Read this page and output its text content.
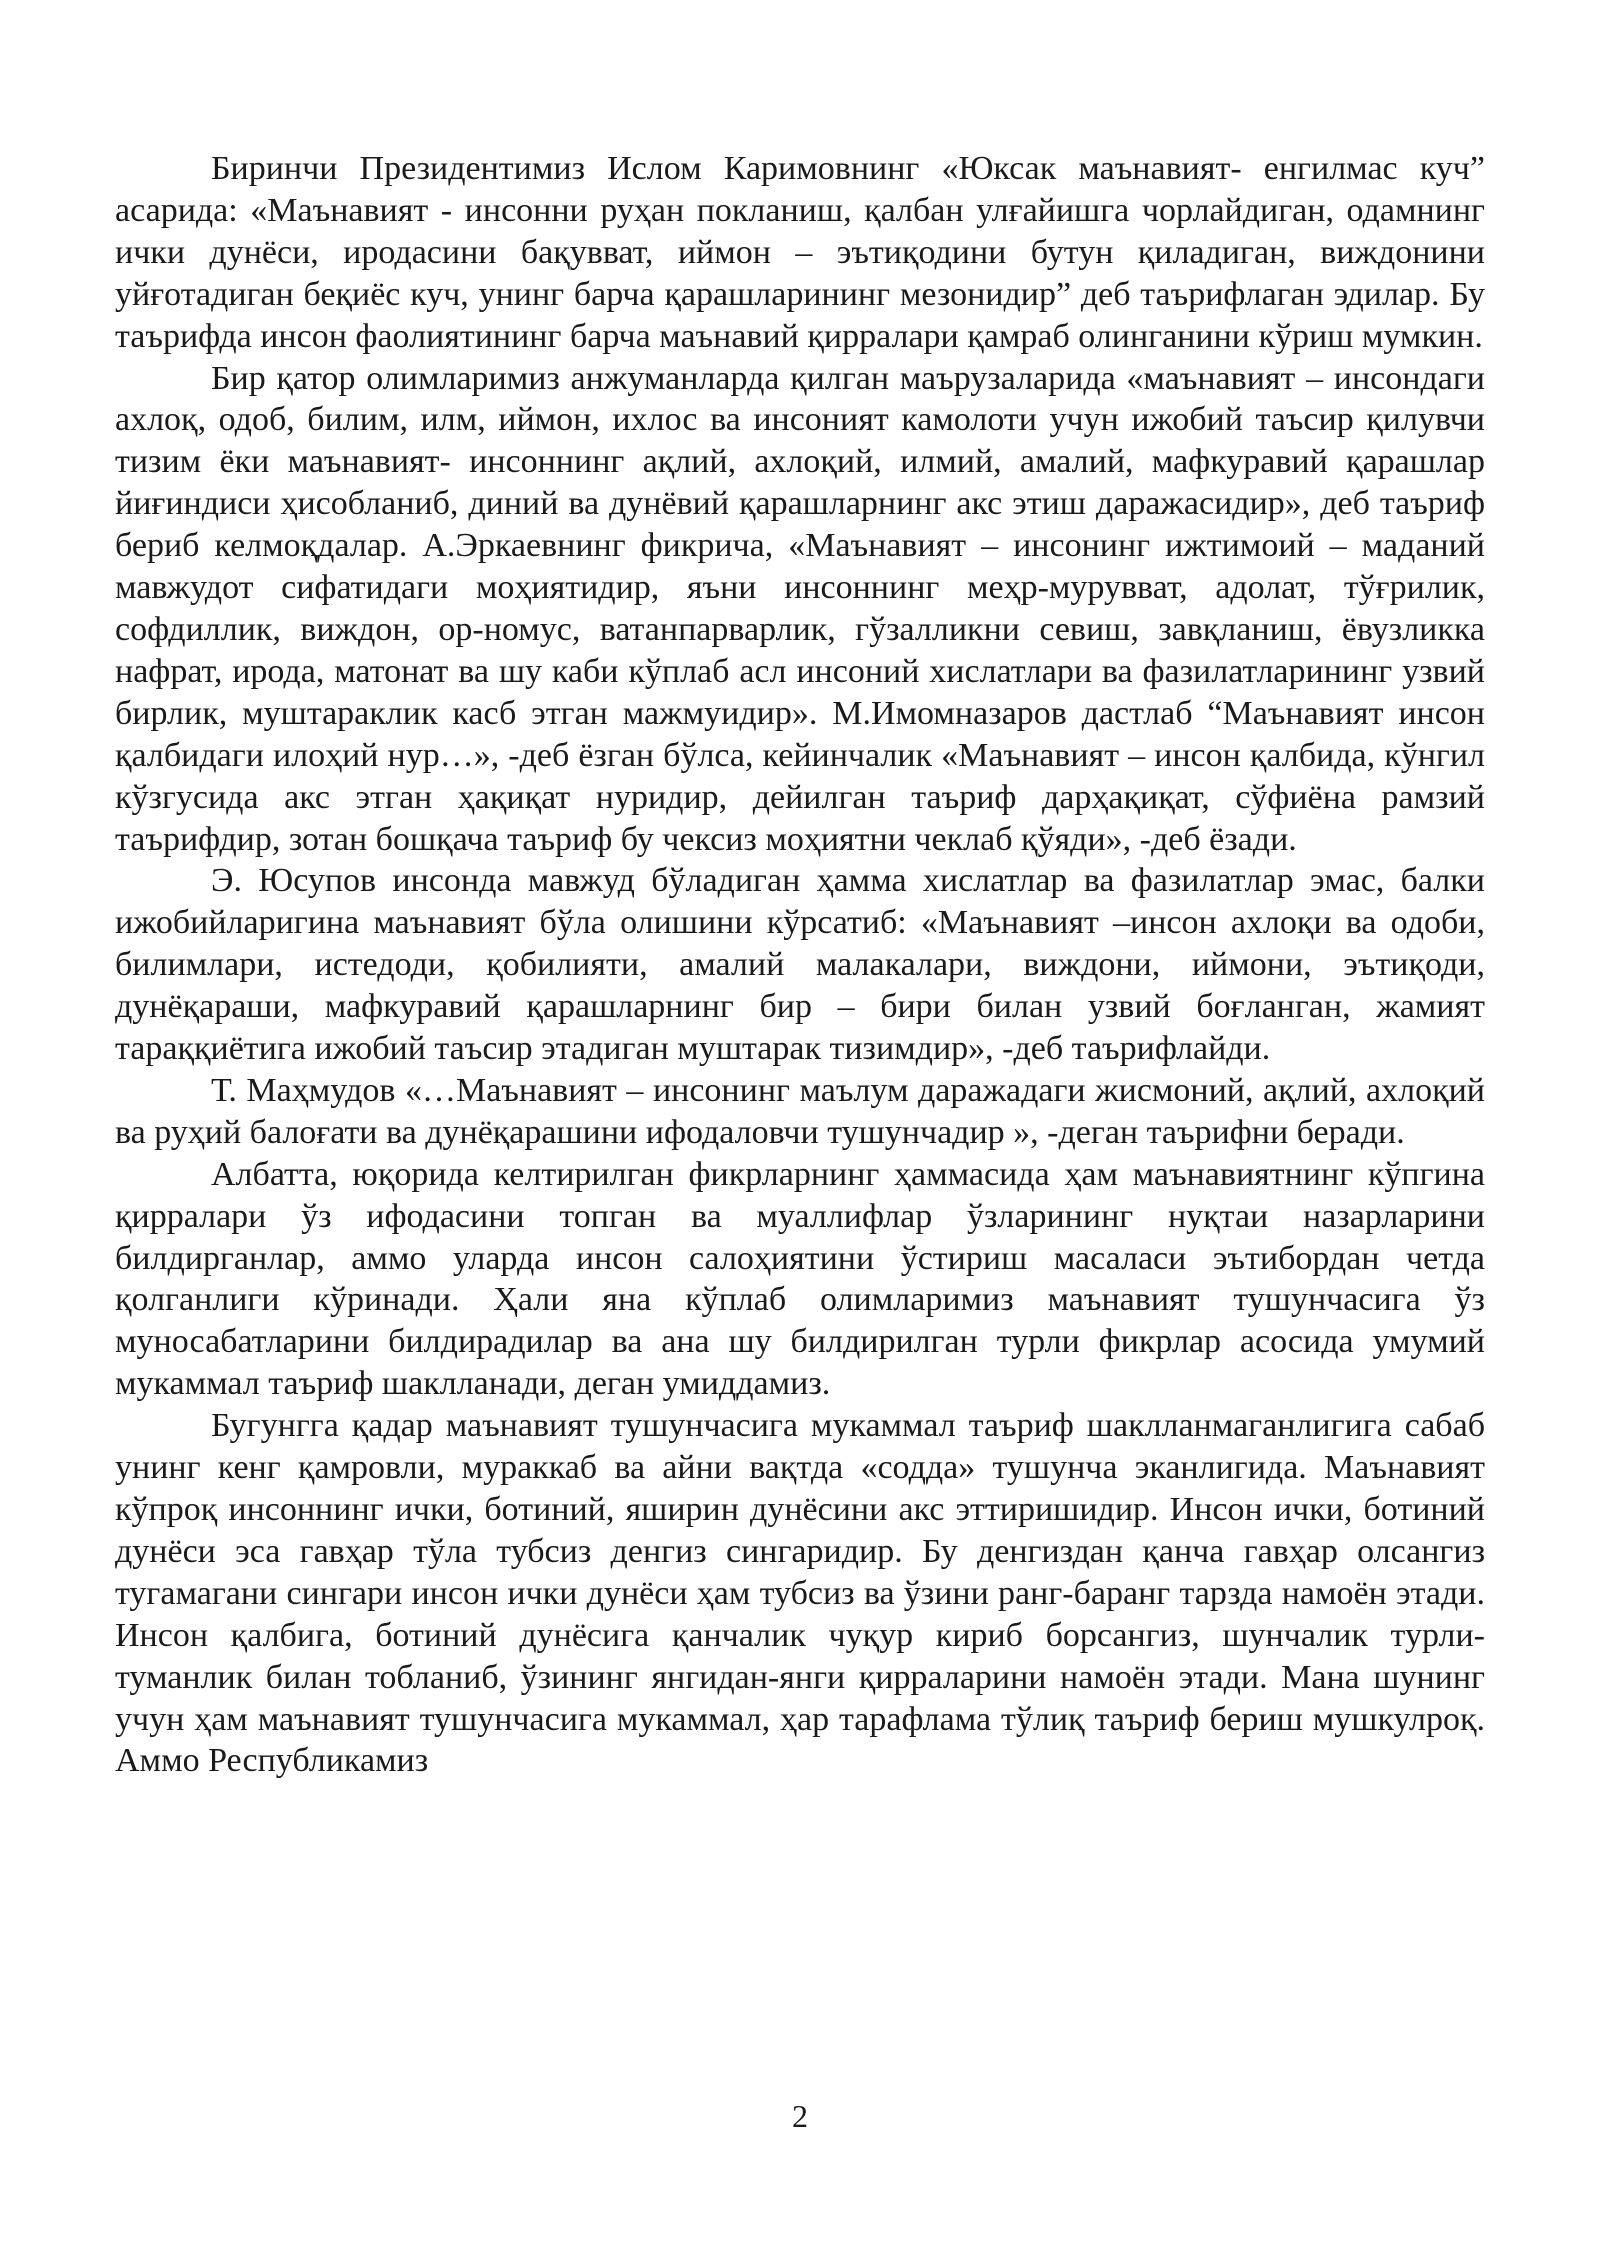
Биринчи Президентимиз Ислом Каримовнинг «Юксак маънавият- енгилмас куч” асарида: «Маънавият - инсонни руҳан покланиш, қалбан улғайишга чорлайдиган, одамнинг ички дунёси, иродасини бақувват, иймон – эътиқодини бутун қиладиган, виждонини уйғотадиган беқиёс куч, унинг барча қарашларининг мезонидир” деб таърифлаган эдилар. Бу таърифда инсон фаолиятининг барча маънавий қирралари қамраб олинганини кўриш мумкин.

Бир қатор олимларимиз анжуманларда қилган маърузаларида «маънавият – инсондаги ахлоқ, одоб, билим, илм, иймон, ихлос ва инсоният камолоти учун ижобий таъсир қилувчи тизим ёки маънавият- инсоннинг ақлий, ахлоқий, илмий, амалий, мафкуравий қарашлар йиғиндиси ҳисобланиб, диний ва дунёвий қарашларнинг акс этиш даражасидир», деб таъриф бериб келмоқдалар. А.Эркаевнинг фикрича, «Маънавият – инсонинг ижтимоий – маданий мавжудот сифатидаги моҳиятидир, яъни инсоннинг меҳр-мурувват, адолат, тўғрилик, софдиллик, виждон, ор-номус, ватанпарварлик, гўзалликни севиш, завқланиш, ёвузликка нафрат, ирода, матонат ва шу каби кўплаб асл инсоний хислатлари ва фазилатларининг узвий бирлик, муштараклик касб этган мажмуидир». М.Имомназаров дастлаб “Маънавият инсон қалбидаги илоҳий нур…», -деб ёзган бўлса, кейинчалик «Маънавият – инсон қалбида, кўнгил кўзгусида акс этган ҳақиқат нуридир, дейилган таъриф дарҳақиқат, сўфиёна рамзий таърифдир, зотан бошқача таъриф бу чексиз моҳиятни чеклаб қўяди», -деб ёзади.

Э. Юсупов инсонда мавжуд бўладиган ҳамма хислатлар ва фазилатлар эмас, балки ижобийларигина маънавият бўла олишини кўрсатиб: «Маънавият –инсон ахлоқи ва одоби, билимлари, истедоди, қобилияти, амалий малакалари, виждони, иймони, эътиқоди, дунёқараши, мафкуравий қарашларнинг бир – бири билан узвий боғланган, жамият тараққиётига ижобий таъсир этадиган муштарак тизимдир», -деб таърифлайди.

Т. Маҳмудов «…Маънавият – инсонинг маълум даражадаги жисмоний, ақлий, ахлоқий ва руҳий балоғати ва дунёқарашини ифодаловчи тушунчадир », -деган таърифни беради.

Албатта, юқорида келтирилган фикрларнинг ҳаммасида ҳам маънавиятнинг кўпгина қирралари ўз ифодасини топган ва муаллифлар ўзларининг нуқтаи назарларини билдирганлар, аммо уларда инсон салоҳиятини ўстириш масаласи эътибордан четда қолганлиги кўринади. Ҳали яна кўплаб олимларимиз маънавият тушунчасига ўз муносабатларини билдирадилар ва ана шу билдирилган турли фикрлар асосида умумий мукаммал таъриф шаклланади, деган умиддамиз.

Бугунгга қадар маънавият тушунчасига мукаммал таъриф шаклланмаганлигига сабаб унинг кенг қамровли, мураккаб ва айни вақтда «содда» тушунча эканлигида. Маънавият кўпроқ инсоннинг ички, ботиний, яширин дунёсини акс эттиришидир. Инсон ички, ботиний дунёси эса гавҳар тўла тубсиз денгиз сингаридир. Бу денгиздан қанча гавҳар олсангиз тугамагани сингари инсон ички дунёси ҳам тубсиз ва ўзини ранг-баранг тарзда намоён этади. Инсон қалбига, ботиний дунёсига қанчалик чуқур кириб борсангиз, шунчалик турли-туманлик билан тобланиб, ўзининг янгидан-янги қирраларини намоён этади. Мана шунинг учун ҳам маънавият тушунчасига мукаммал, ҳар тарафлама тўлиқ таъриф бериш мушкулроқ. Аммо Республикамиз

2
